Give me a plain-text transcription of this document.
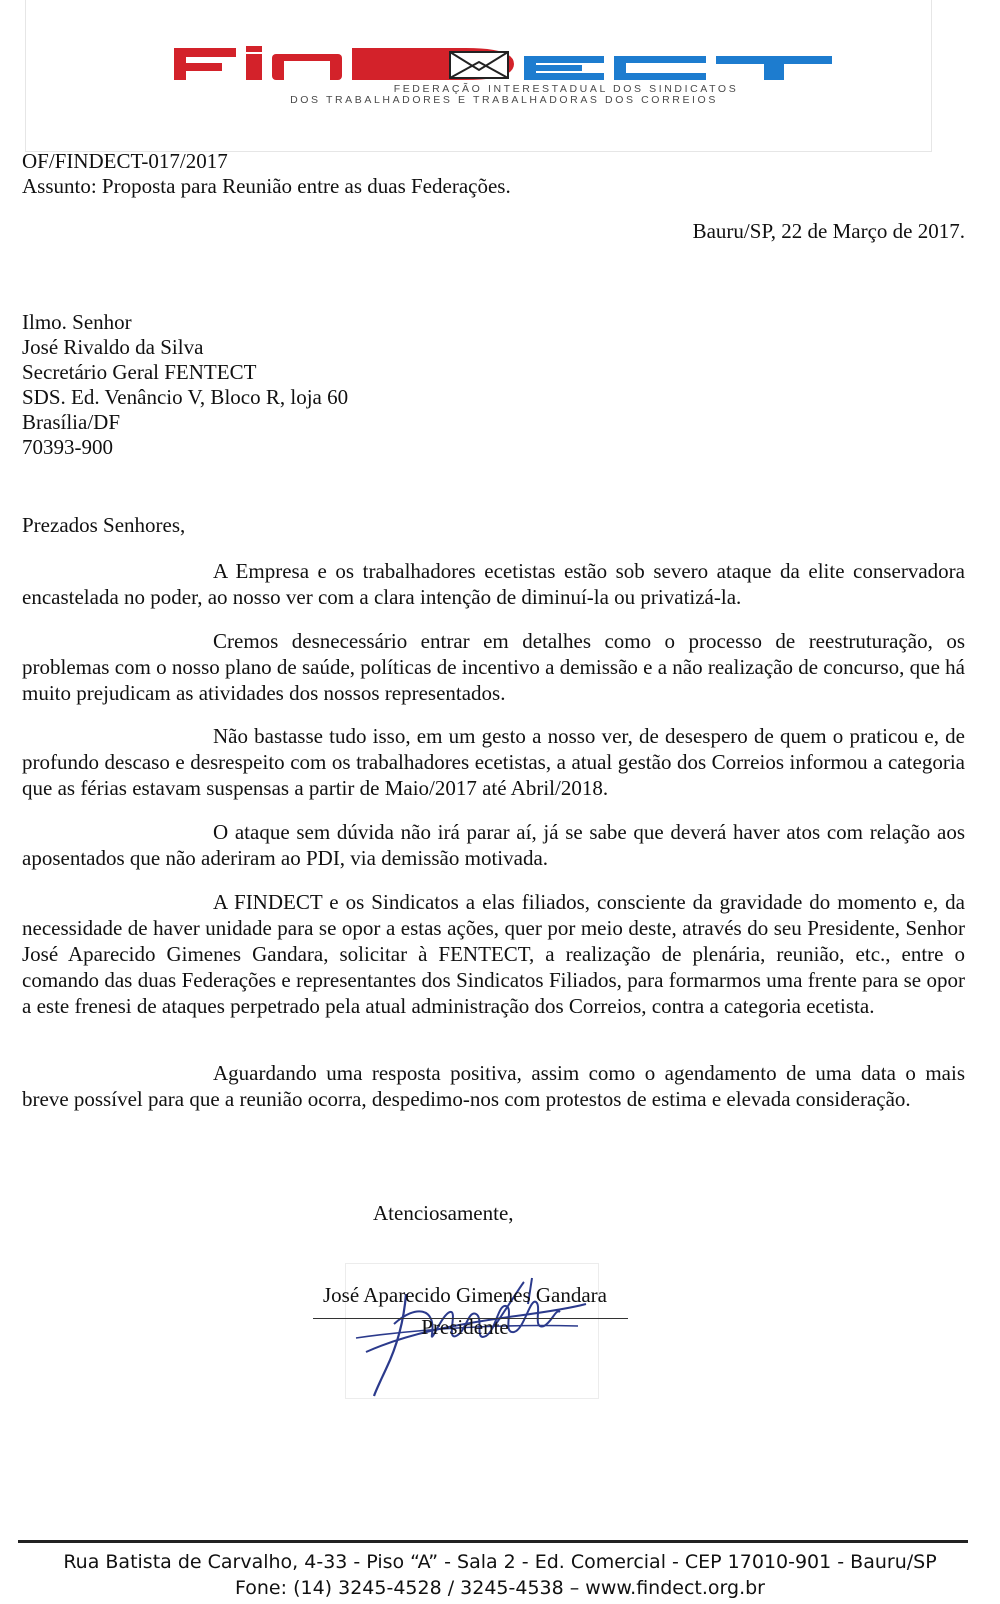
FEDERAÇÃO INTERESTADUAL DOS SINDICATOS
DOS TRABALHADORES E TRABALHADORAS DOS CORREIOS

OF/FINDECT-017/2017

Assunto: Proposta para Reunião entre as duas Federações.

Bauru/SP, 22 de Março de 2017.

Ilmo. Senhor

José Rivaldo da Silva

Secretário Geral FENTECT

SDS. Ed. Venâncio V, Bloco R, loja 60

Brasília/DF

70393-900

Prezados Senhores,

A Empresa e os trabalhadores ecetistas estão sob severo ataque da elite conservadora encastelada no poder, ao nosso ver com a clara intenção de diminuí-la ou privatizá-la.

Cremos desnecessário entrar em detalhes como o processo de reestruturação, os problemas com o nosso plano de saúde, políticas de incentivo a demissão e a não realização de concurso, que há muito prejudicam as atividades dos nossos representados.

Não bastasse tudo isso, em um gesto a nosso ver, de desespero de quem o praticou e, de profundo descaso e desrespeito com os trabalhadores ecetistas, a atual gestão dos Correios informou a categoria que as férias estavam suspensas a partir de Maio/2017 até Abril/2018.

O ataque sem dúvida não irá parar aí, já se sabe que deverá haver atos com relação aos aposentados que não aderiram ao PDI, via demissão motivada.

A FINDECT e os Sindicatos a elas filiados, consciente da gravidade do momento e, da necessidade de haver unidade para se opor a estas ações, quer por meio deste, através do seu Presidente, Senhor José Aparecido Gimenes Gandara, solicitar à FENTECT, a realização de plenária, reunião, etc., entre o comando das duas Federações e representantes dos Sindicatos Filiados, para formarmos uma frente para se opor a este frenesi de ataques perpetrado pela atual administração dos Correios, contra a categoria ecetista.

Aguardando uma resposta positiva, assim como o agendamento de uma data o mais breve possível para que a reunião ocorra, despedimo-nos com protestos de estima e elevada consideração.

Atenciosamente,
José Aparecido Gimenes Gandara
Presidente
Rua Batista de Carvalho, 4-33 - Piso “A” - Sala 2 - Ed. Comercial - CEP 17010-901 - Bauru/SP
Fone: (14) 3245-4528 / 3245-4538 – www.findect.org.br
